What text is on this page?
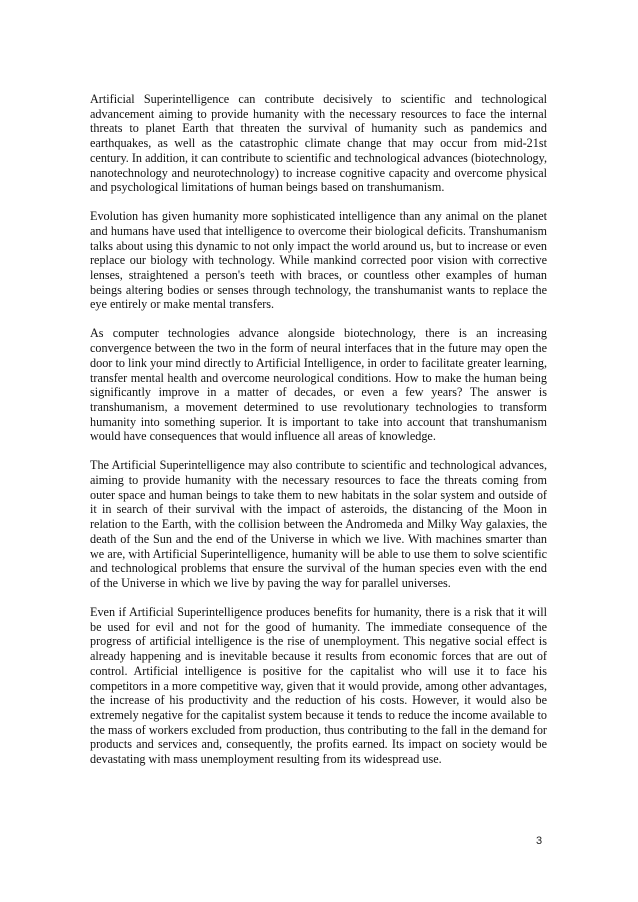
Artificial Superintelligence can contribute decisively to scientific and technological advancement aiming to provide humanity with the necessary resources to face the internal threats to planet Earth that threaten the survival of humanity such as pandemics and earthquakes, as well as the catastrophic climate change that may occur from mid-21st century. In addition, it can contribute to scientific and technological advances (biotechnology, nanotechnology and neurotechnology) to increase cognitive capacity and overcome physical and psychological limitations of human beings based on transhumanism.

Evolution has given humanity more sophisticated intelligence than any animal on the planet and humans have used that intelligence to overcome their biological deficits. Transhumanism talks about using this dynamic to not only impact the world around us, but to increase or even replace our biology with technology. While mankind corrected poor vision with corrective lenses, straightened a person's teeth with braces, or countless other examples of human beings altering bodies or senses through technology, the transhumanist wants to replace the eye entirely or make mental transfers.

As computer technologies advance alongside biotechnology, there is an increasing convergence between the two in the form of neural interfaces that in the future may open the door to link your mind directly to Artificial Intelligence, in order to facilitate greater learning, transfer mental health and overcome neurological conditions. How to make the human being significantly improve in a matter of decades, or even a few years? The answer is transhumanism, a movement determined to use revolutionary technologies to transform humanity into something superior. It is important to take into account that transhumanism would have consequences that would influence all areas of knowledge.

The Artificial Superintelligence may also contribute to scientific and technological advances, aiming to provide humanity with the necessary resources to face the threats coming from outer space and human beings to take them to new habitats in the solar system and outside of it in search of their survival with the impact of asteroids, the distancing of the Moon in relation to the Earth, with the collision between the Andromeda and Milky Way galaxies, the death of the Sun and the end of the Universe in which we live. With machines smarter than we are, with Artificial Superintelligence, humanity will be able to use them to solve scientific and technological problems that ensure the survival of the human species even with the end of the Universe in which we live by paving the way for parallel universes.

Even if Artificial Superintelligence produces benefits for humanity, there is a risk that it will be used for evil and not for the good of humanity. The immediate consequence of the progress of artificial intelligence is the rise of unemployment. This negative social effect is already happening and is inevitable because it results from economic forces that are out of control. Artificial intelligence is positive for the capitalist who will use it to face his competitors in a more competitive way, given that it would provide, among other advantages, the increase of his productivity and the reduction of his costs. However, it would also be extremely negative for the capitalist system because it tends to reduce the income available to the mass of workers excluded from production, thus contributing to the fall in the demand for products and services and, consequently, the profits earned. Its impact on society would be devastating with mass unemployment resulting from its widespread use.

3
